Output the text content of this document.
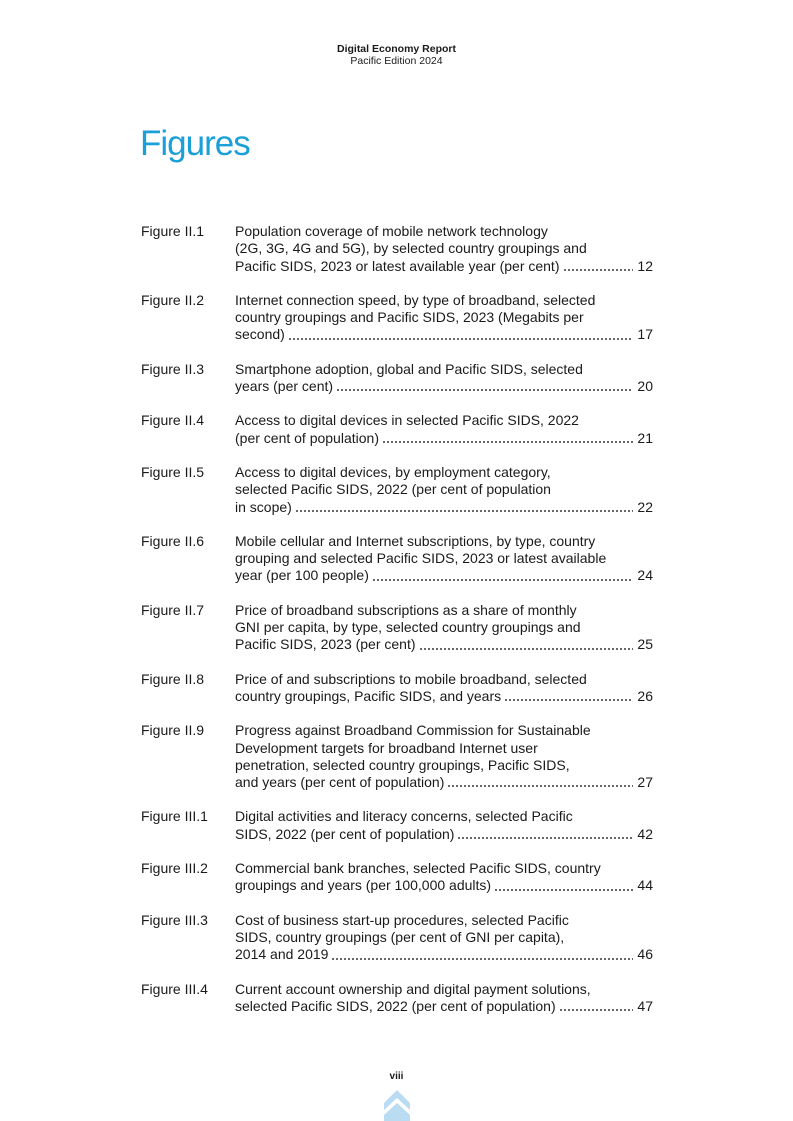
Digital Economy Report
Pacific Edition 2024
Figures
Figure II.1	Population coverage of mobile network technology
(2G, 3G, 4G and 5G), by selected country groupings and
Pacific SIDS, 2023 or latest available year (per cent)	12
Figure II.2	Internet connection speed, by type of broadband, selected
country groupings and Pacific SIDS, 2023 (Megabits per
second)	17
Figure II.3	Smartphone adoption, global and Pacific SIDS, selected
years (per cent)	20
Figure II.4	Access to digital devices in selected Pacific SIDS, 2022
(per cent of population)	21
Figure II.5	Access to digital devices, by employment category,
selected Pacific SIDS, 2022 (per cent of population
in scope)	22
Figure II.6	Mobile cellular and Internet subscriptions, by type, country
grouping and selected Pacific SIDS, 2023 or latest available
year (per 100 people)	24
Figure II.7	Price of broadband subscriptions as a share of monthly
GNI per capita, by type, selected country groupings and
Pacific SIDS, 2023 (per cent)	25
Figure II.8	Price of and subscriptions to mobile broadband, selected
country groupings, Pacific SIDS, and years	26
Figure II.9	Progress against Broadband Commission for Sustainable
Development targets for broadband Internet user
penetration, selected country groupings, Pacific SIDS,
and years (per cent of population)	27
Figure III.1	Digital activities and literacy concerns, selected Pacific
SIDS, 2022 (per cent of population)	42
Figure III.2	Commercial bank branches, selected Pacific SIDS, country
groupings and years (per 100,000 adults)	44
Figure III.3	Cost of business start-up procedures, selected Pacific
SIDS, country groupings (per cent of GNI per capita),
2014 and 2019	46
Figure III.4	Current account ownership and digital payment solutions,
selected Pacific SIDS, 2022 (per cent of population)	47
viii
